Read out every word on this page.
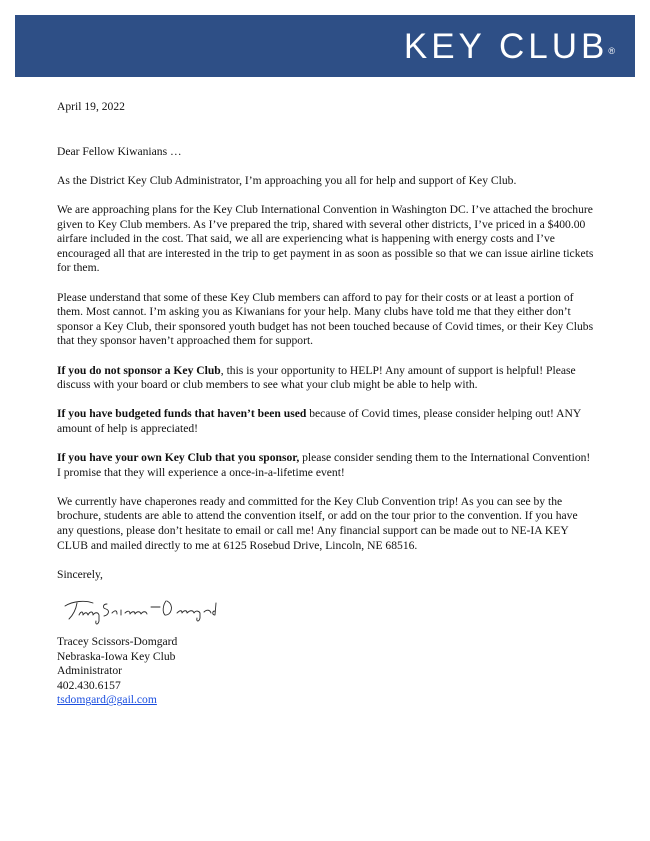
KEY CLUB®

April 19, 2022

Dear Fellow Kiwanians …

As the District Key Club Administrator, I’m approaching you all for help and support of Key Club.

We are approaching plans for the Key Club International Convention in Washington DC. I’ve attached the brochure given to Key Club members. As I’ve prepared the trip, shared with several other districts, I’ve priced in a $400.00 airfare included in the cost. That said, we all are experiencing what is happening with energy costs and I’ve encouraged all that are interested in the trip to get payment in as soon as possible so that we can issue airline tickets for them.

Please understand that some of these Key Club members can afford to pay for their costs or at least a portion of them. Most cannot. I’m asking you as Kiwanians for your help. Many clubs have told me that they either don’t sponsor a Key Club, their sponsored youth budget has not been touched because of Covid times, or their Key Clubs that they sponsor haven’t approached them for support.

If you do not sponsor a Key Club, this is your opportunity to HELP! Any amount of support is helpful! Please discuss with your board or club members to see what your club might be able to help with.

If you have budgeted funds that haven’t been used because of Covid times, please consider helping out! ANY amount of help is appreciated!

If you have your own Key Club that you sponsor, please consider sending them to the International Convention! I promise that they will experience a once-in-a-lifetime event!

We currently have chaperones ready and committed for the Key Club Convention trip! As you can see by the brochure, students are able to attend the convention itself, or add on the tour prior to the convention. If you have any questions, please don’t hesitate to email or call me! Any financial support can be made out to NE-IA KEY CLUB and mailed directly to me at 6125 Rosebud Drive, Lincoln, NE 68516.

Sincerely,

Tracey Scissors-Domgard

Nebraska-Iowa Key Club

Administrator

402.430.6157

tsdomgard@gail.com
